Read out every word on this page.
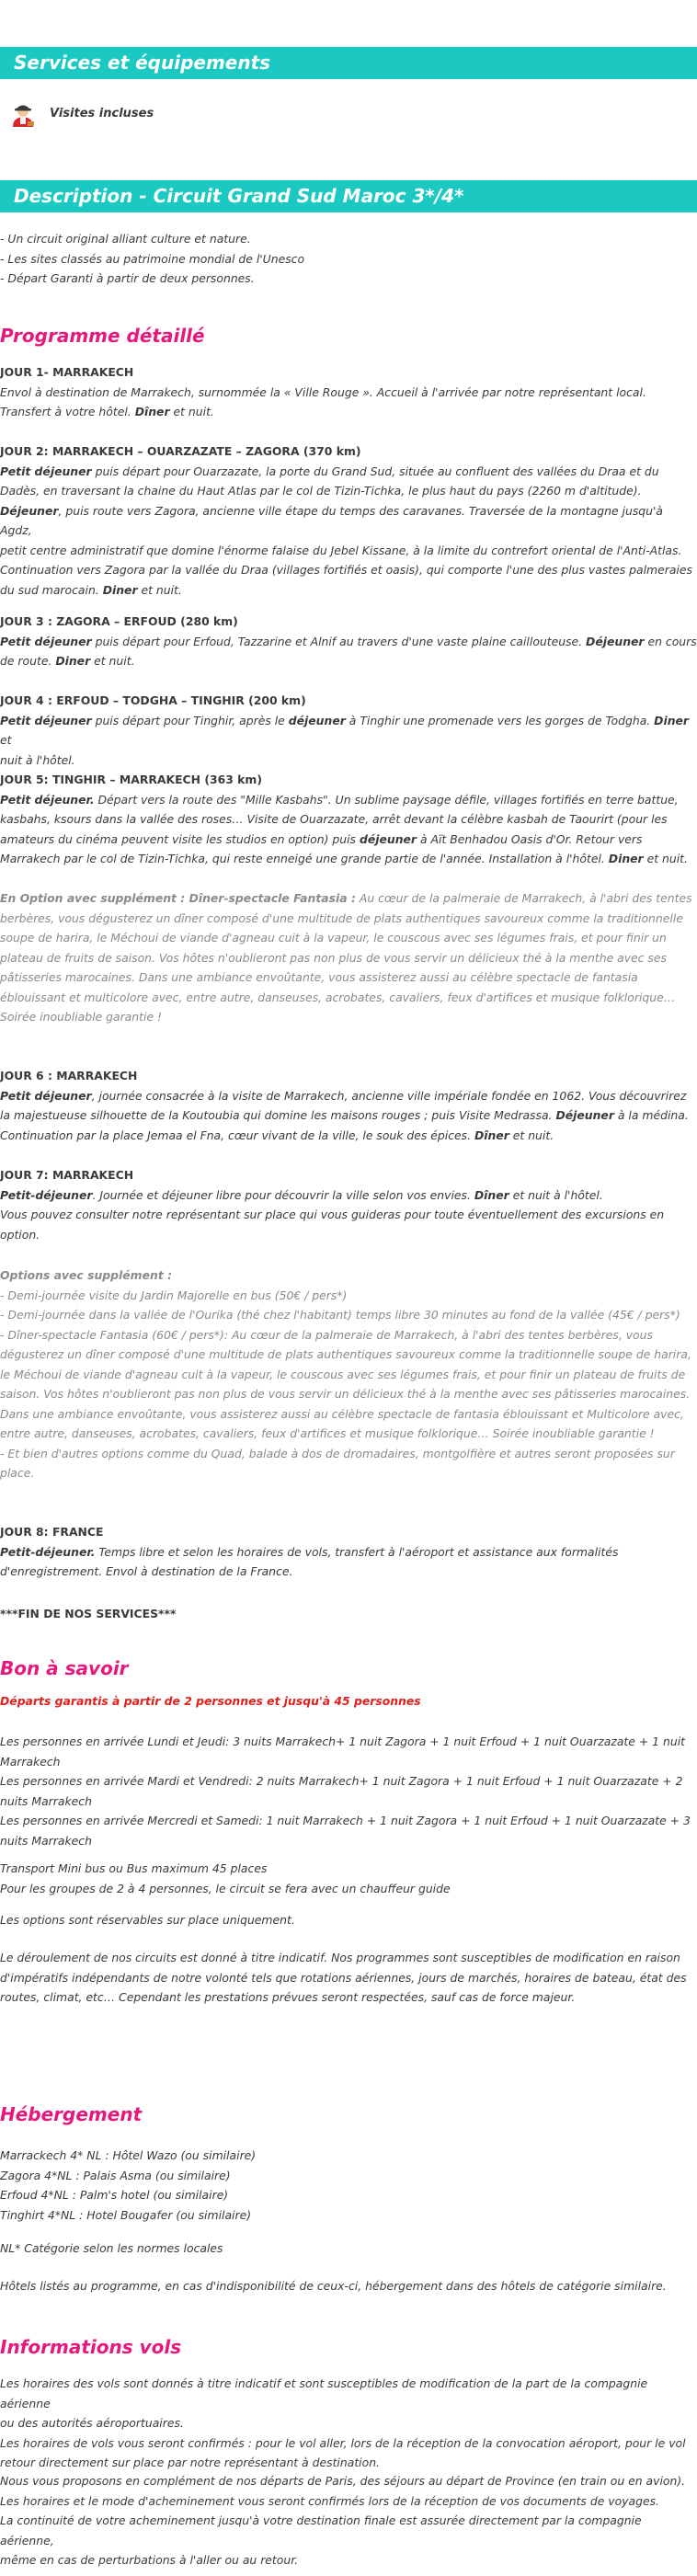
Services et équipements
Visites incluses
Description - Circuit Grand Sud Maroc 3*/4*

- Un circuit original alliant culture et nature.

- Les sites classés au patrimoine mondial de l'Unesco

- Départ Garanti à partir de deux personnes.

Programme détaillé

JOUR 1- MARRAKECH

Envol à destination de Marrakech, surnommée la « Ville Rouge ». Accueil à l'arrivée par notre représentant local.

Transfert à votre hôtel. Dîner et nuit.

JOUR 2: MARRAKECH – OUARZAZATE – ZAGORA (370 km)

Petit déjeuner puis départ pour Ouarzazate, la porte du Grand Sud, située au confluent des vallées du Draa et du

Dadès, en traversant la chaine du Haut Atlas par le col de Tizin-Tichka, le plus haut du pays (2260 m d'altitude).

Déjeuner, puis route vers Zagora, ancienne ville étape du temps des caravanes. Traversée de la montagne jusqu'à Agdz,

petit centre administratif que domine l'énorme falaise du Jebel Kissane, à la limite du contrefort oriental de l'Anti-Atlas.

Continuation vers Zagora par la vallée du Draa (villages fortifiés et oasis), qui comporte l'une des plus vastes palmeraies

du sud marocain. Diner et nuit.

JOUR 3 : ZAGORA – ERFOUD (280 km)

Petit déjeuner puis départ pour Erfoud, Tazzarine et Alnif au travers d'une vaste plaine caillouteuse. Déjeuner en cours

de route. Diner et nuit.

JOUR 4 : ERFOUD – TODGHA – TINGHIR (200 km)

Petit déjeuner puis départ pour Tinghir, après le déjeuner à Tinghir une promenade vers les gorges de Todgha. Diner et

nuit à l'hôtel.

JOUR 5: TINGHIR – MARRAKECH (363 km)

Petit déjeuner. Départ vers la route des "Mille Kasbahs". Un sublime paysage défile, villages fortifiés en terre battue,

kasbahs, ksours dans la vallée des roses… Visite de Ouarzazate, arrêt devant la célèbre kasbah de Taourirt (pour les

amateurs du cinéma peuvent visite les studios en option) puis déjeuner à Aït Benhadou Oasis d'Or. Retour vers

Marrakech par le col de Tizin-Tichka, qui reste enneigé une grande partie de l'année. Installation à l'hôtel. Diner et nuit.

En Option avec supplément : Dîner-spectacle Fantasia : Au cœur de la palmeraie de Marrakech, à l'abri des tentes

berbères, vous dégusterez un dîner composé d'une multitude de plats authentiques savoureux comme la traditionnelle

soupe de harira, le Méchoui de viande d'agneau cuit à la vapeur, le couscous avec ses légumes frais, et pour finir un

plateau de fruits de saison. Vos hôtes n'oublieront pas non plus de vous servir un délicieux thé à la menthe avec ses

pâtisseries marocaines. Dans une ambiance envoûtante, vous assisterez aussi au célèbre spectacle de fantasia

éblouissant et multicolore avec, entre autre, danseuses, acrobates, cavaliers, feux d'artifices et musique folklorique…

Soirée inoubliable garantie !

JOUR 6 : MARRAKECH

Petit déjeuner, journée consacrée à la visite de Marrakech, ancienne ville impériale fondée en 1062. Vous découvrirez

la majestueuse silhouette de la Koutoubia qui domine les maisons rouges ; puis Visite Medrassa. Déjeuner à la médina.

Continuation par la place Jemaa el Fna, cœur vivant de la ville, le souk des épices. Dîner et nuit.

JOUR 7: MARRAKECH

Petit-déjeuner. Journée et déjeuner libre pour découvrir la ville selon vos envies. Dîner et nuit à l'hôtel.

Vous pouvez consulter notre représentant sur place qui vous guideras pour toute éventuellement des excursions en

option.

Options avec supplément :

- Demi-journée visite du Jardin Majorelle en bus (50€ / pers*)

- Demi-journée dans la vallée de l'Ourika (thé chez l'habitant) temps libre 30 minutes au fond de la vallée (45€ / pers*)

- Dîner-spectacle Fantasia (60€ / pers*): Au cœur de la palmeraie de Marrakech, à l'abri des tentes berbères, vous

dégusterez un dîner composé d'une multitude de plats authentiques savoureux comme la traditionnelle soupe de harira,

le Méchoui de viande d'agneau cuit à la vapeur, le couscous avec ses légumes frais, et pour finir un plateau de fruits de

saison. Vos hôtes n'oublieront pas non plus de vous servir un délicieux thé à la menthe avec ses pâtisseries marocaines.

Dans une ambiance envoûtante, vous assisterez aussi au célèbre spectacle de fantasia éblouissant et Multicolore avec,

entre autre, danseuses, acrobates, cavaliers, feux d'artifices et musique folklorique… Soirée inoubliable garantie !

- Et bien d'autres options comme du Quad, balade à dos de dromadaires, montgolfière et autres seront proposées sur

place.

JOUR 8: FRANCE

Petit-déjeuner. Temps libre et selon les horaires de vols, transfert à l'aéroport et assistance aux formalités

d'enregistrement. Envol à destination de la France.

***FIN DE NOS SERVICES***
Bon à savoir
Départs garantis à partir de 2 personnes et jusqu'à 45 personnes

Les personnes en arrivée Lundi et Jeudi: 3 nuits Marrakech+ 1 nuit Zagora + 1 nuit Erfoud + 1 nuit Ouarzazate + 1 nuit

Marrakech

Les personnes en arrivée Mardi et Vendredi: 2 nuits Marrakech+ 1 nuit Zagora + 1 nuit Erfoud + 1 nuit Ouarzazate + 2

nuits Marrakech

Les personnes en arrivée Mercredi et Samedi: 1 nuit Marrakech + 1 nuit Zagora + 1 nuit Erfoud + 1 nuit Ouarzazate + 3

nuits Marrakech

Transport Mini bus ou Bus maximum 45 places

Pour les groupes de 2 à 4 personnes, le circuit se fera avec un chauffeur guide

Les options sont réservables sur place uniquement.

Le déroulement de nos circuits est donné à titre indicatif. Nos programmes sont susceptibles de modification en raison

d'impératifs indépendants de notre volonté tels que rotations aériennes, jours de marchés, horaires de bateau, état des

routes, climat, etc… Cependant les prestations prévues seront respectées, sauf cas de force majeur.

Hébergement

Marrackech 4* NL : Hôtel Wazo (ou similaire)

Zagora 4*NL : Palais Asma (ou similaire)

Erfoud 4*NL : Palm's hotel (ou similaire)

Tinghirt 4*NL : Hotel Bougafer (ou similaire)

NL* Catégorie selon les normes locales
Hôtels listés au programme, en cas d'indisponibilité de ceux-ci, hébergement dans des hôtels de catégorie similaire.
Informations vols

Les horaires des vols sont donnés à titre indicatif et sont susceptibles de modification de la part de la compagnie aérienne

ou des autorités aéroportuaires.

Les horaires de vols vous seront confirmés : pour le vol aller, lors de la réception de la convocation aéroport, pour le vol

retour directement sur place par notre représentant à destination.

Nous vous proposons en complément de nos départs de Paris, des séjours au départ de Province (en train ou en avion).

Les horaires et le mode d'acheminement vous seront confirmés lors de la réception de vos documents de voyages.

La continuité de votre acheminement jusqu'à votre destination finale est assurée directement par la compagnie aérienne,

même en cas de perturbations à l'aller ou au retour.
